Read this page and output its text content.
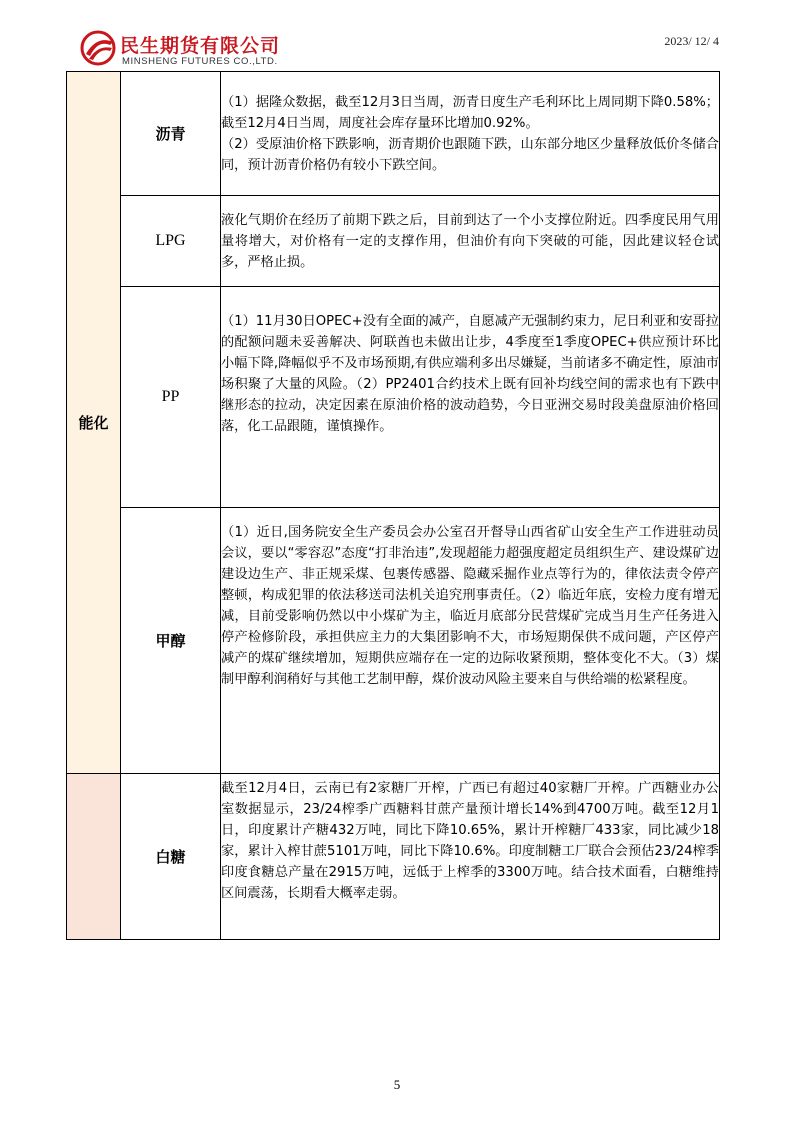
民生期货有限公司
MINSHENG FUTURES CO.,LTD.
2023/ 12/ 4
能化	沥青	（1）据隆众数据，截至12月3日当周，沥青日度生产毛利环比上周同期下降0.58%；截至12月4日当周，周度社会库存量环比增加0.92%。
（2）受原油价格下跌影响，沥青期价也跟随下跌，山东部分地区少量释放低价冬储合同，预计沥青价格仍有较小下跌空间。
	LPG	液化气期价在经历了前期下跌之后，目前到达了一个小支撑位附近。四季度民用气用量将增大，对价格有一定的支撑作用，但油价有向下突破的可能，因此建议轻仓试多，严格止损。
	PP	（1）11月30日OPEC+没有全面的减产，自愿减产无强制约束力，尼日利亚和安哥拉的配额问题未妥善解决、阿联酋也未做出让步，4季度至1季度OPEC+供应预计环比小幅下降,降幅似乎不及市场预期,有供应端利多出尽嫌疑，当前诸多不确定性，原油市场积聚了大量的风险。（2）PP2401合约技术上既有回补均线空间的需求也有下跌中继形态的拉动，决定因素在原油价格的波动趋势，今日亚洲交易时段美盘原油价格回落，化工品跟随，谨慎操作。
	甲醇	（1）近日,国务院安全生产委员会办公室召开督导山西省矿山安全生产工作进驻动员会议，要以“零容忍”态度“打非治违”,发现超能力超强度超定员组织生产、建设煤矿边建设边生产、非正规采煤、包裹传感器、隐藏采掘作业点等行为的，律依法责令停产整顿，构成犯罪的依法移送司法机关追究刑事责任。（2）临近年底，安检力度有增无减，目前受影响仍然以中小煤矿为主，临近月底部分民营煤矿完成当月生产任务进入停产检修阶段，承担供应主力的大集团影响不大，市场短期保供不成问题，产区停产减产的煤矿继续增加，短期供应端存在一定的边际收紧预期，整体变化不大。（3）煤制甲醇利润稍好与其他工艺制甲醇，煤价波动风险主要来自与供给端的松紧程度。
	白糖	截至12月4日，云南已有2家糖厂开榨，广西已有超过40家糖厂开榨。广西糖业办公室数据显示，23/24榨季广西糖料甘蔗产量预计增长14%到4700万吨。截至12月1日，印度累计产糖432万吨，同比下降10.65%，累计开榨糖厂433家，同比减少18家，累计入榨甘蔗5101万吨，同比下降10.6%。印度制糖工厂联合会预估23/24榨季印度食糖总产量在2915万吨，远低于上榨季的3300万吨。结合技术面看，白糖维持区间震荡，长期看大概率走弱。
5
